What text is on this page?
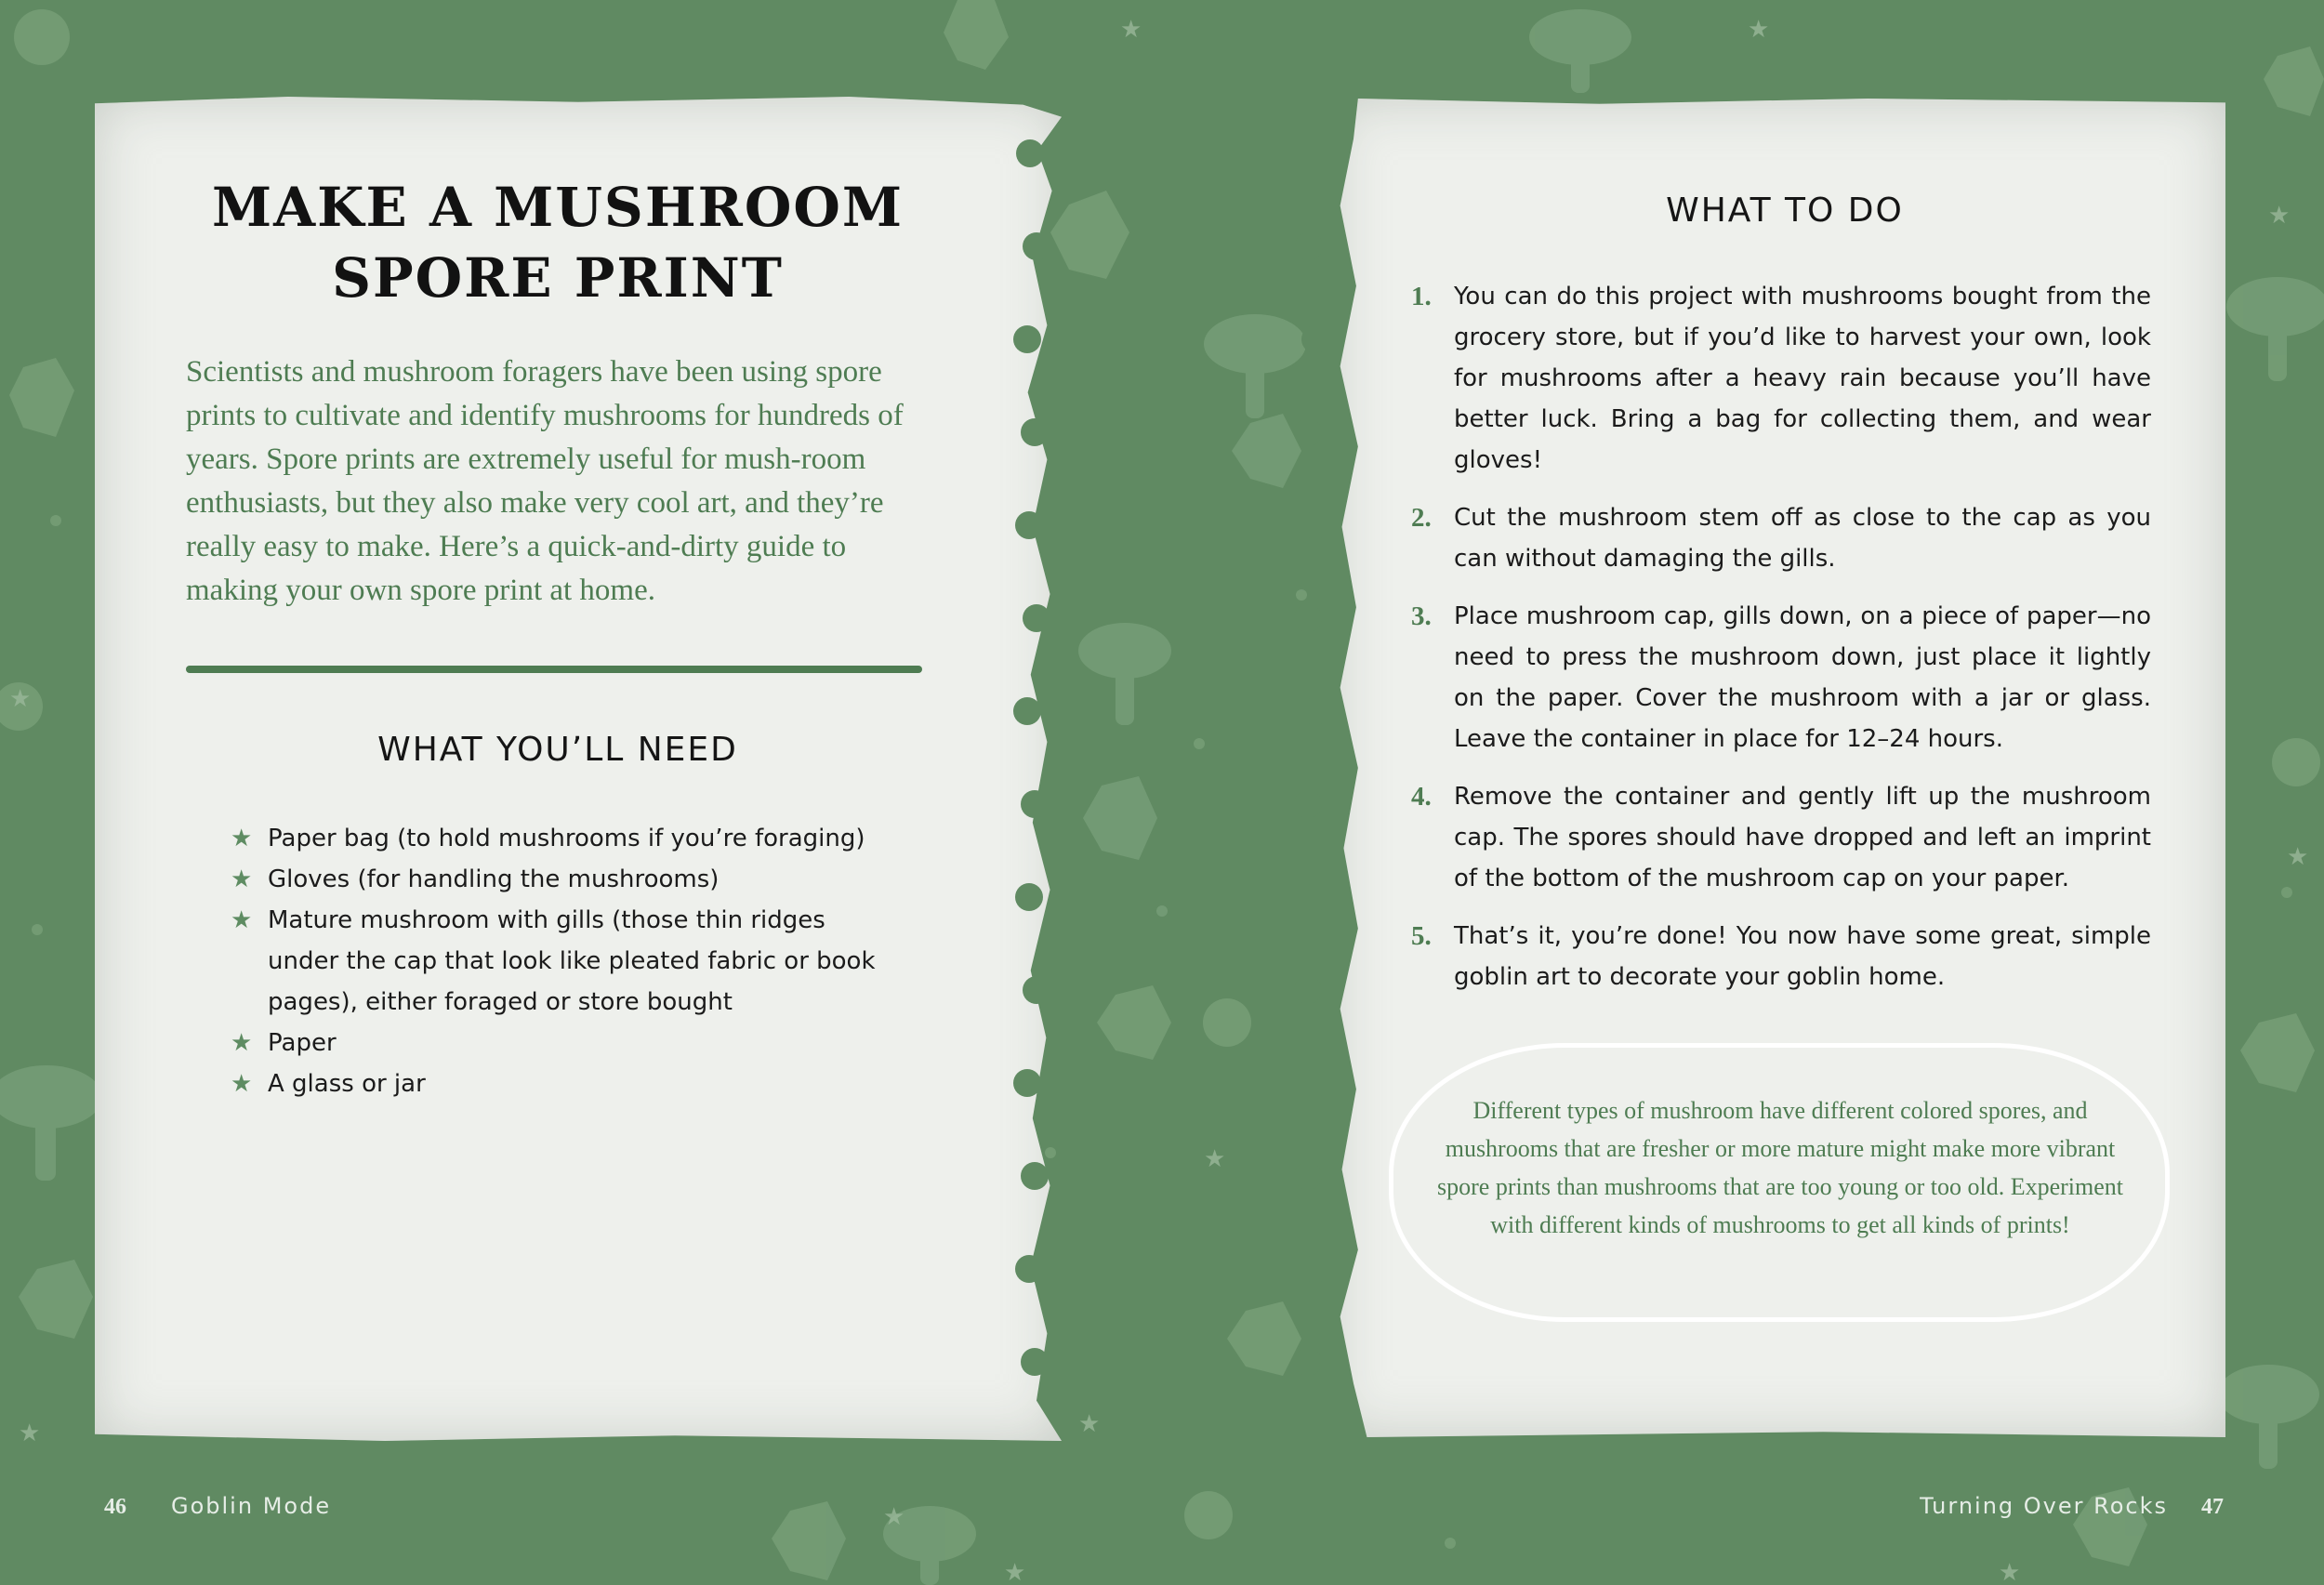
★
★
★
★
★
★
★
★
★
★	★
MAKE A MUSHROOM
SPORE PRINT

Scientists and mushroom foragers have been using spore prints to cultivate and identify mushrooms for hundreds of years. Spore prints are extremely useful for mush-room enthusiasts, but they also make very cool art, and they’re really easy to make. Here’s a quick-and-dirty guide to making your own spore print at home.

WHAT YOU’LL NEED
★ Paper bag (to hold mushrooms if you’re foraging)
★ Gloves (for handling the mushrooms)
★ Mature mushroom with gills (those thin ridges under the cap that look like pleated fabric or book pages), either foraged or store bought
★ Paper
★ A glass or jar
WHAT TO DO
1. You can do this project with mushrooms bought from the grocery store, but if you’d like to harvest your own, look for mushrooms after a heavy rain because you’ll have better luck. Bring a bag for collecting them, and wear gloves!
2. Cut the mushroom stem off as close to the cap as you can without damaging the gills.
3. Place mushroom cap, gills down, on a piece of paper—no need to press the mushroom down, just place it lightly on the paper. Cover the mushroom with a jar or glass. Leave the container in place for 12–24 hours.
4. Remove the container and gently lift up the mushroom cap. The spores should have dropped and left an imprint of the bottom of the mushroom cap on your paper.
5. That’s it, you’re done! You now have some great, simple goblin art to decorate your goblin home.

Different types of mushroom have different colored spores, and mushrooms that are fresher or more mature might make more vibrant spore prints than mushrooms that are too young or too old. Experiment with different kinds of mushrooms to get all kinds of prints!

46 Goblin Mode	Turning Over Rocks 47
